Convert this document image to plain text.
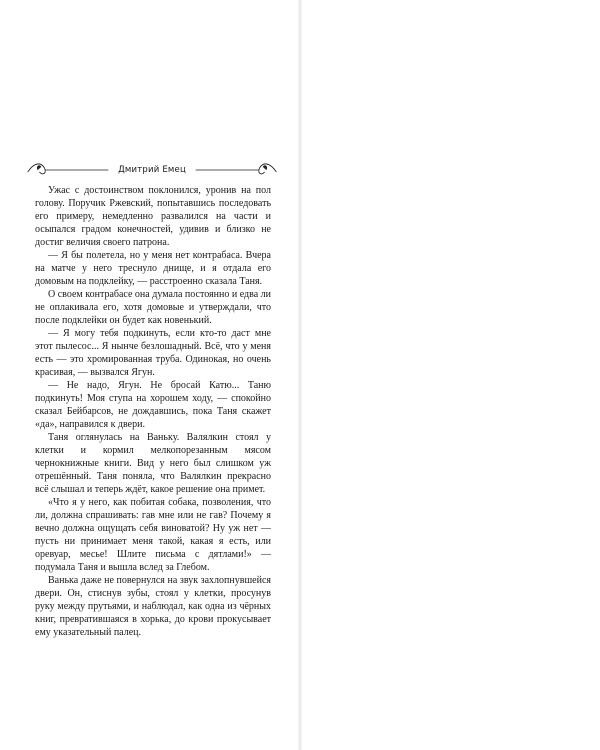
Дмитрий Емец

Ужас с достоинством поклонился, уронив на пол голову. Поручик Ржевский, попытавшись последовать его примеру, немедленно развалился на части и осыпался градом конечностей, удивив и близко не достиг величия своего патрона.

— Я бы полетела, но у меня нет контрабаса. Вчера на матче у него треснуло днище, и я отдала его домовым на подклейку, — расстроенно сказала Таня.

О своем контрабасе она думала постоянно и едва ли не оплакивала его, хотя домовые и утверждали, что после подклейки он будет как новенький.

— Я могу тебя подкинуть, если кто-то даст мне этот пылесос... Я нынче безлошадный. Всё, что у меня есть — это хромированная труба. Одинокая, но очень красивая, — вызвался Ягун.

— Не надо, Ягун. Не бросай Катю... Таню подкинуть! Моя ступа на хорошем ходу, — спокойно сказал Бейбарсов, не дождавшись, пока Таня скажет «да», направился к двери.

Таня оглянулась на Ваньку. Валялкин стоял у клетки и кормил мелкопорезанным мясом чернокнижные книги. Вид у него был слишком уж отрешённый. Таня поняла, что Валялкин прекрасно всё слышал и теперь ждёт, какое решение она примет.

«Что я у него, как побитая собака, позволения, что ли, должна спрашивать: гав мне или не гав? Почему я вечно должна ощущать себя виноватой? Ну уж нет — пусть ни принимает меня такой, какая я есть, или оревуар, месье! Шлите письма с дятлами!» — подумала Таня и вышла вслед за Глебом.

Ванька даже не повернулся на звук захлопнувшейся двери. Он, стиснув зубы, стоял у клетки, просунув руку между прутьями, и наблюдал, как одна из чёрных книг, превратившаяся в хорька, до крови прокусывает ему указательный палец.
